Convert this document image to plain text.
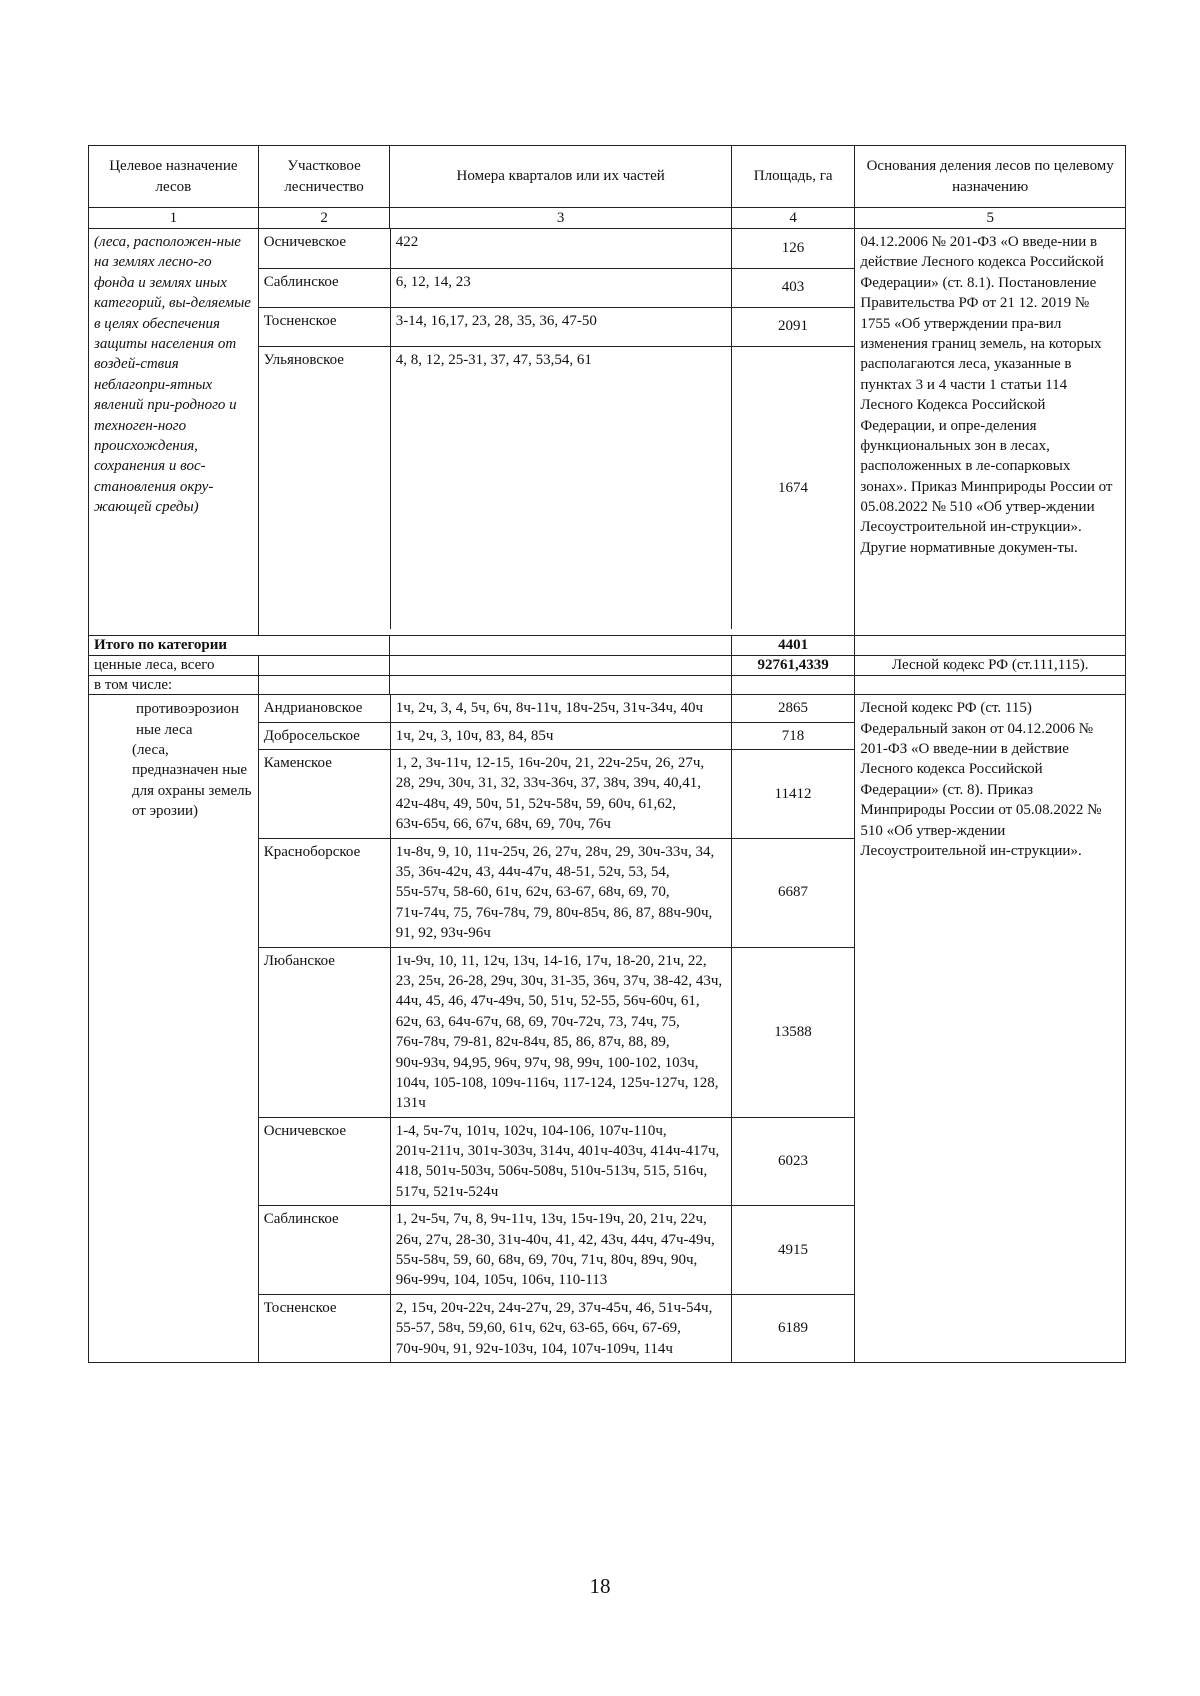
Целевое назначение лесов	Участковое лесничество	Номера кварталов или их частей	Площадь, га	Основания деления лесов по целевому назначению
1	2	3	4	5
(леса, расположен-ные на землях лесно-го фонда и землях иных категорий, вы-деляемые в целях обеспечения защиты населения от воздей-ствия неблагопри-ятных явлений при-родного и техноген-ного происхождения, сохранения и вос-становления окру-жающей среды)	
Осничевское	422	126
Саблинское	6, 12, 14, 23	403
Тосненское	3-14, 16,17, 23, 28, 35, 36, 47-50	2091
Ульяновское	4, 8, 12, 25-31, 37, 47, 53,54, 61	1674
	04.12.2006 № 201-ФЗ «О введе-нии в действие Лесного кодекса Российской Федерации» (ст. 8.1). Постановление Правительства РФ от 21 12. 2019 № 1755 «Об утверждении пра-вил изменения границ земель, на которых располагаются леса, указанные в пунктах 3 и 4 части 1 статьи 114 Лесного Кодекса Российской Федерации, и опре-деления функциональных зон в лесах, расположенных в ле-сопарковых зонах». Приказ Минприроды России от 05.08.2022 № 510 «Об утвер-ждении Лесоустроительной ин-струкции». Другие нормативные докумен-ты.
Итого по категории		4401	
ценные леса, всего			92761,4339	Лесной кодекс РФ (ст.111,115).
в том числе:				

противоэрозион ные леса
(леса, предназначен ные для охраны земель от эрозии)

Андриановское	1ч, 2ч, 3, 4, 5ч, 6ч, 8ч-11ч, 18ч-25ч, 31ч-34ч, 40ч	2865
Добросельское	1ч, 2ч, 3, 10ч, 83, 84, 85ч	718
Каменское	1, 2, 3ч-11ч, 12-15, 16ч-20ч, 21, 22ч-25ч, 26, 27ч, 28, 29ч, 30ч, 31, 32, 33ч-36ч, 37, 38ч, 39ч, 40,41, 42ч-48ч, 49, 50ч, 51, 52ч-58ч, 59, 60ч, 61,62, 63ч-65ч, 66, 67ч, 68ч, 69, 70ч, 76ч	11412
Красноборское	1ч-8ч, 9, 10, 11ч-25ч, 26, 27ч, 28ч, 29, 30ч-33ч, 34, 35, 36ч-42ч, 43, 44ч-47ч, 48-51, 52ч, 53, 54, 55ч-57ч, 58-60, 61ч, 62ч, 63-67, 68ч, 69, 70, 71ч-74ч, 75, 76ч-78ч, 79, 80ч-85ч, 86, 87, 88ч-90ч, 91, 92, 93ч-96ч	6687
Любанское	1ч-9ч, 10, 11, 12ч, 13ч, 14-16, 17ч, 18-20, 21ч, 22, 23, 25ч, 26-28, 29ч, 30ч, 31-35, 36ч, 37ч, 38-42, 43ч, 44ч, 45, 46, 47ч-49ч, 50, 51ч, 52-55, 56ч-60ч, 61, 62ч, 63, 64ч-67ч, 68, 69, 70ч-72ч, 73, 74ч, 75, 76ч-78ч, 79-81, 82ч-84ч, 85, 86, 87ч, 88, 89, 90ч-93ч, 94,95, 96ч, 97ч, 98, 99ч, 100-102, 103ч, 104ч, 105-108, 109ч-116ч, 117-124, 125ч-127ч, 128, 131ч	13588
Осничевское	1-4, 5ч-7ч, 101ч, 102ч, 104-106, 107ч-110ч, 201ч-211ч, 301ч-303ч, 314ч, 401ч-403ч, 414ч-417ч, 418, 501ч-503ч, 506ч-508ч, 510ч-513ч, 515, 516ч, 517ч, 521ч-524ч	6023
Саблинское	1, 2ч-5ч, 7ч, 8, 9ч-11ч, 13ч, 15ч-19ч, 20, 21ч, 22ч, 26ч, 27ч, 28-30, 31ч-40ч, 41, 42, 43ч, 44ч, 47ч-49ч, 55ч-58ч, 59, 60, 68ч, 69, 70ч, 71ч, 80ч, 89ч, 90ч, 96ч-99ч, 104, 105ч, 106ч, 110-113	4915
Тосненское	2, 15ч, 20ч-22ч, 24ч-27ч, 29, 37ч-45ч, 46, 51ч-54ч, 55-57, 58ч, 59,60, 61ч, 62ч, 63-65, 66ч, 67-69, 70ч-90ч, 91, 92ч-103ч, 104, 107ч-109ч, 114ч	6189
	Лесной кодекс РФ (ст. 115) Федеральный закон от 04.12.2006 № 201-ФЗ «О введе-нии в действие Лесного кодекса Российской Федерации» (ст. 8). Приказ Минприроды России от 05.08.2022 № 510 «Об утвер-ждении Лесоустроительной ин-струкции».
18
